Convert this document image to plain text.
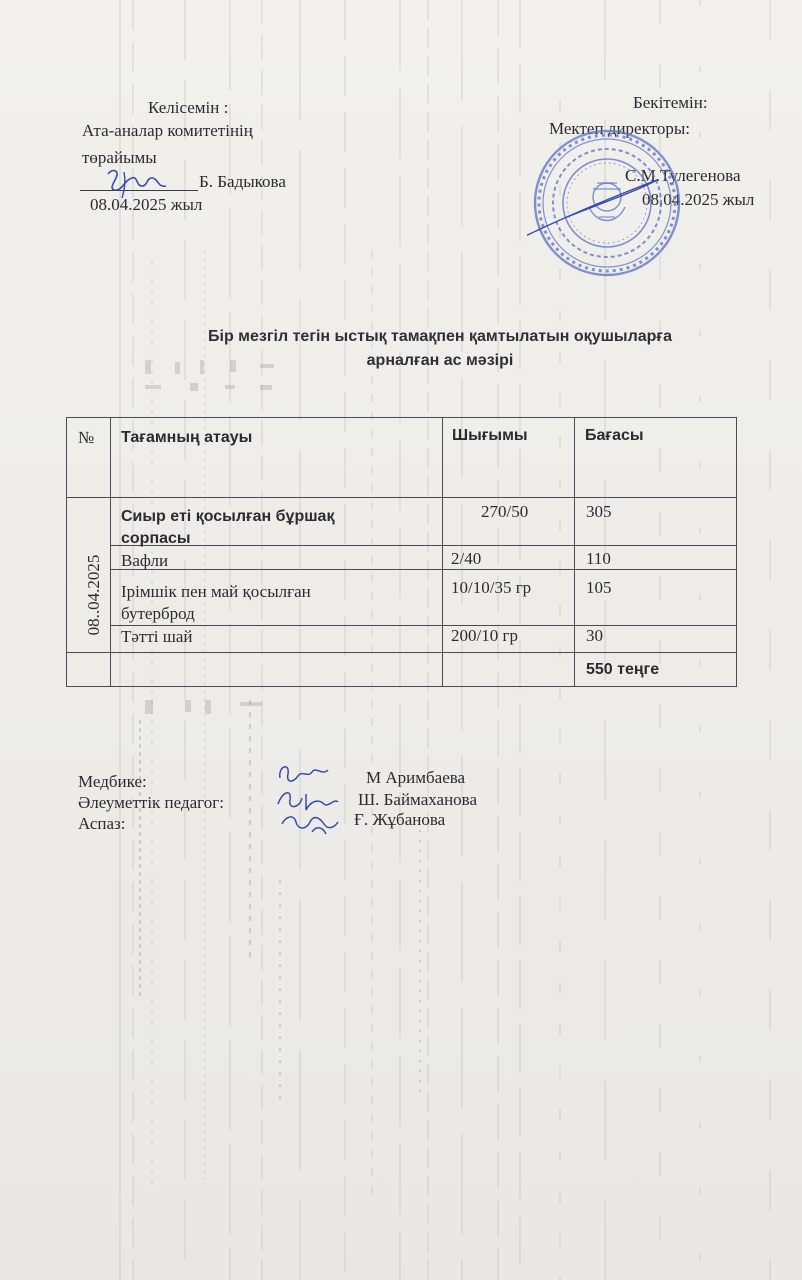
Келісемін :
Ата-аналар комитетінің
төрайымы
Б. Бадыкова
08.04.2025 жыл
Бекітемін:
Мектеп директоры:
С.М.Тулегенова
08.04.2025 жыл
Бір мезгіл тегін ыстық тамақпен қамтылатын оқушыларға
арналған ас мәзірі
№ Тағамның атауы	Шығымы	Бағасы
08..04.2025
Сиыр еті қосылған бұршақ
сорпасы
270/50	305
Вафли	2/40	110
Ірімшік пен май қосылған
бутерброд
10/10/35 гр	105
Тәтті шай	200/10 гр	30
550 теңге
Медбике:
Әлеуметтік педагог:
Аспаз:
М Аримбаева
Ш. Баймаханова
Ғ. Жұбанова
